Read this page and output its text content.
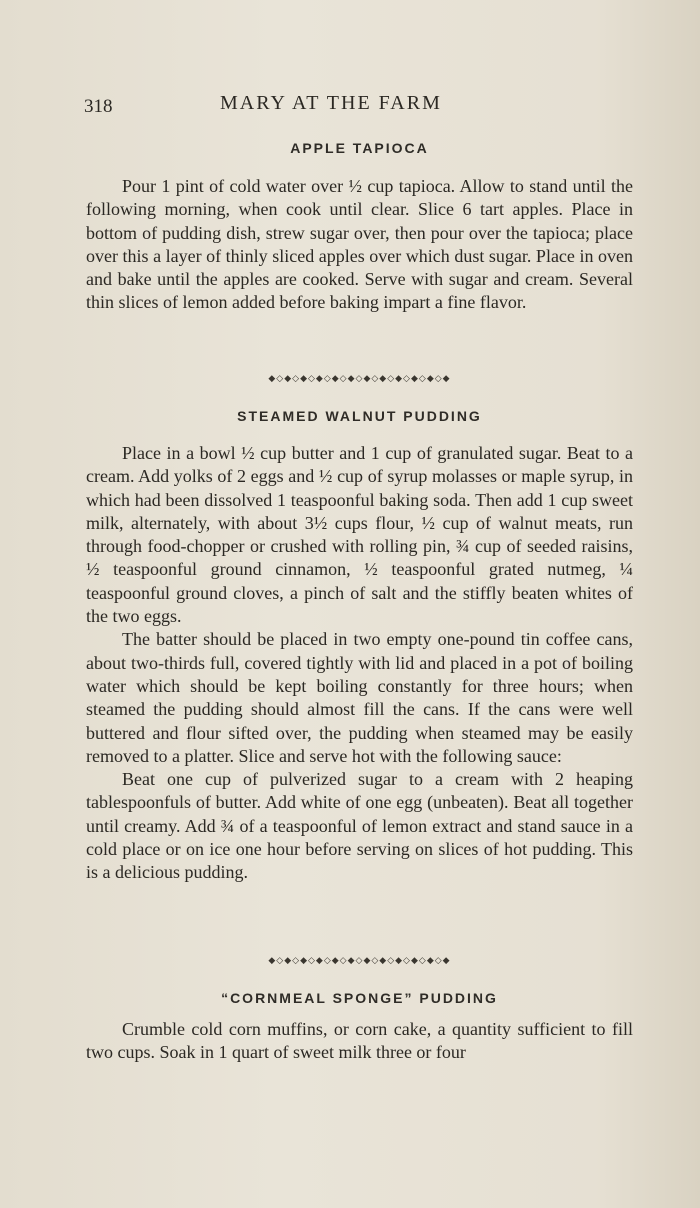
318	MARY AT THE FARM
APPLE TAPIOCA

Pour 1 pint of cold water over ½ cup tapioca. Allow to stand until the following morning, when cook until clear. Slice 6 tart apples. Place in bottom of pudding dish, strew sugar over, then pour over the tapioca; place over this a layer of thinly sliced apples over which dust sugar. Place in oven and bake until the apples are cooked. Serve with sugar and cream. Several thin slices of lemon added before baking impart a fine flavor.

◆◇◆◇◆◇◆◇◆◇◆◇◆◇◆◇◆◇◆◇◆◇◆
STEAMED WALNUT PUDDING

Place in a bowl ½ cup butter and 1 cup of granulated sugar. Beat to a cream. Add yolks of 2 eggs and ½ cup of syrup molasses or maple syrup, in which had been dissolved 1 teaspoonful baking soda. Then add 1 cup sweet milk, alternately, with about 3½ cups flour, ½ cup of walnut meats, run through food-chopper or crushed with rolling pin, ¾ cup of seeded raisins, ½ teaspoonful ground cinnamon, ½ teaspoonful grated nutmeg, ¼ teaspoonful ground cloves, a pinch of salt and the stiffly beaten whites of the two eggs.

The batter should be placed in two empty one-pound tin coffee cans, about two-thirds full, covered tightly with lid and placed in a pot of boiling water which should be kept boiling constantly for three hours; when steamed the pudding should almost fill the cans. If the cans were well buttered and flour sifted over, the pudding when steamed may be easily removed to a platter. Slice and serve hot with the following sauce:

Beat one cup of pulverized sugar to a cream with 2 heaping tablespoonfuls of butter. Add white of one egg (unbeaten). Beat all together until creamy. Add ¾ of a teaspoonful of lemon extract and stand sauce in a cold place or on ice one hour before serving on slices of hot pudding. This is a delicious pudding.

◆◇◆◇◆◇◆◇◆◇◆◇◆◇◆◇◆◇◆◇◆◇◆
“CORNMEAL SPONGE” PUDDING

Crumble cold corn muffins, or corn cake, a quantity sufficient to fill two cups. Soak in 1 quart of sweet milk three or four
